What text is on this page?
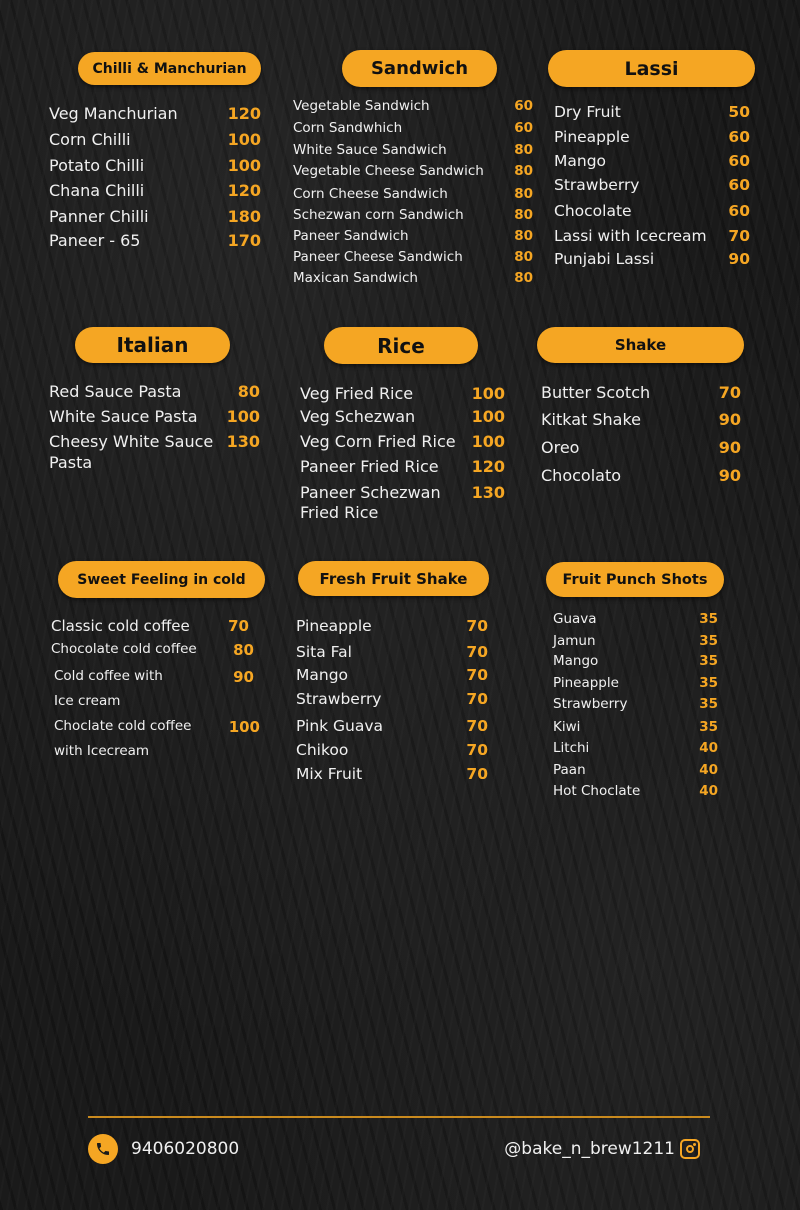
Chilli & Manchurian
Veg Manchurian	120
Corn Chilli	100
Potato Chilli	100
Chana Chilli	120
Panner Chilli	180
Paneer - 65	170
Sandwich
Vegetable Sandwich	60
Corn Sandwhich	60
White Sauce Sandwich	80
Vegetable Cheese Sandwich 80
Corn Cheese Sandwich	80
Schezwan corn Sandwich	80
Paneer Sandwich	80
Paneer Cheese Sandwich	80
Maxican Sandwich	80
Lassi
Dry Fruit	50
Pineapple	60
Mango	60
Strawberry	60
Chocolate	60
Lassi with Icecream 70
Punjabi Lassi	90
Italian
Red Sauce Pasta	80
White Sauce Pasta 100
Cheesy White Sauce 130
Pasta
Rice
Veg Fried Rice	100
Veg Schezwan	100
Veg Corn Fried Rice 100
Paneer Fried Rice 120
Paneer Schezwan 130
Fried Rice
Shake
Butter Scotch	70
Kitkat Shake	90
Oreo	90
Chocolato	90
Sweet Feeling in cold
Classic cold coffee	70
Chocolate cold coffee 80
Cold coffee with	90
Ice cream
Choclate cold coffee 100
with Icecream
Fresh Fruit Shake
Pineapple	70
Sita Fal	70
Mango	70
Strawberry	70
Pink Guava	70
Chikoo	70
Mix Fruit	70
Fruit Punch Shots
Guava	35
Jamun	35
Mango	35
Pineapple	35
Strawberry	35
Kiwi	35
Litchi	40
Paan	40
Hot Choclate	40
9406020800	@bake_n_brew1211
